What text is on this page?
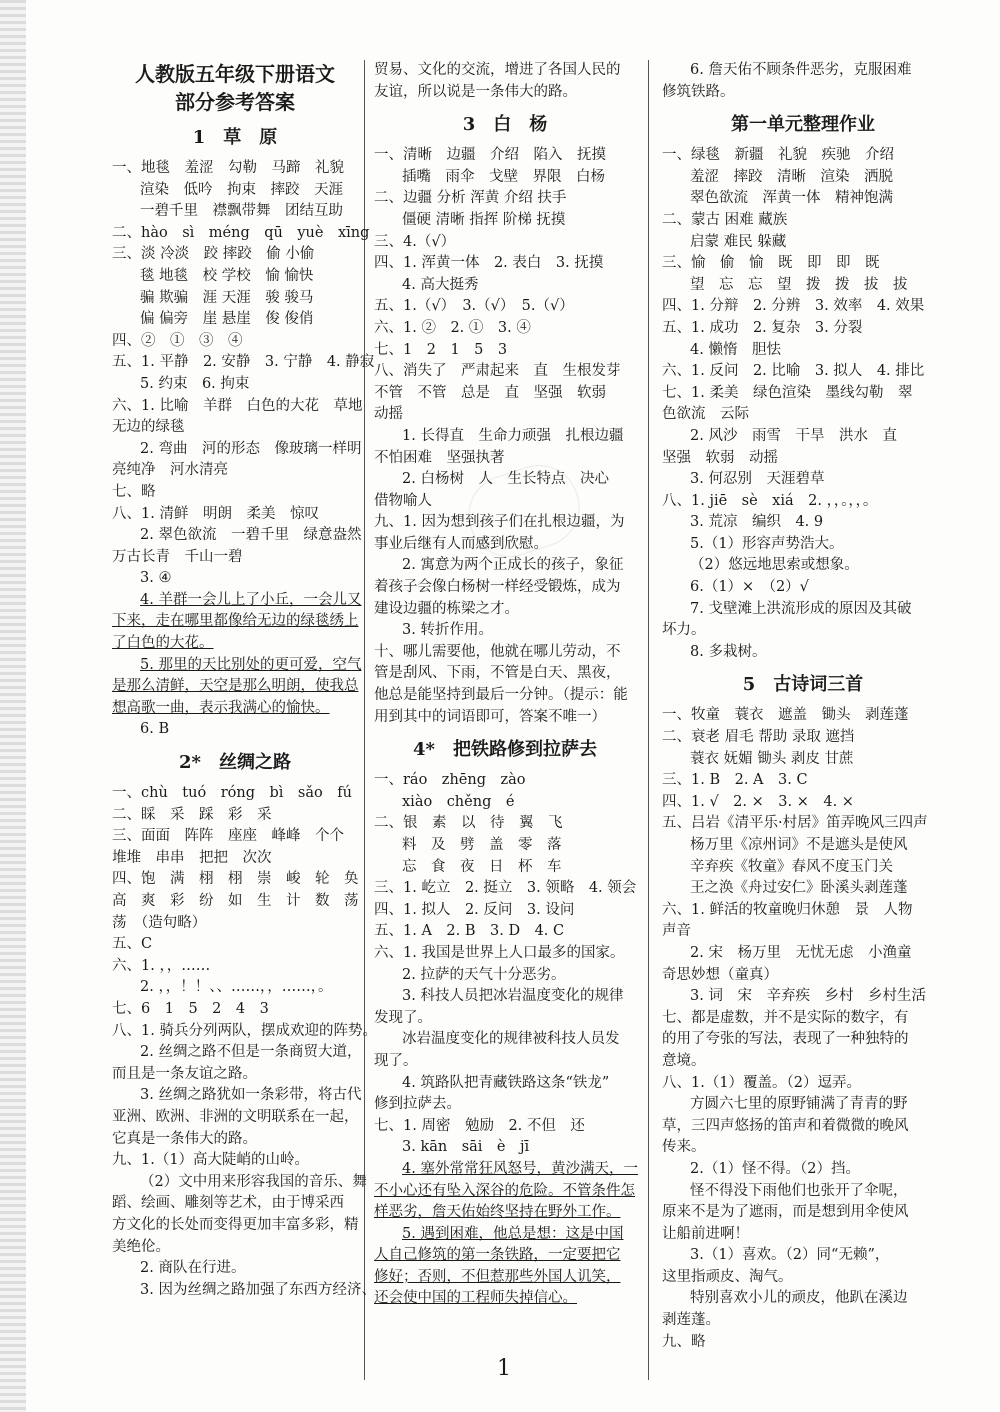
人教版五年级下册语文
部分参考答案
1　草　原
一、地毯　羞涩　勾勒　马蹄　礼貌
渲染　低吟　拘束　摔跤　天涯
一碧千里　襟飘带舞　团结互助
二、hào　sì　méng　qū　yuè　xīng
三、淡 冷淡　跤 摔跤　偷 小偷
毯 地毯　校 学校　愉 愉快
骗 欺骗　涯 天涯　骏 骏马
偏 偏旁　崖 悬崖　俊 俊俏
四、②　①　③　④
五、1. 平静　2. 安静　3. 宁静　4. 静寂
5. 约束　6. 拘束
六、1. 比喻　羊群　白色的大花　草地
无边的绿毯
2. 弯曲　河的形态　像玻璃一样明
亮纯净　河水清亮
七、略
八、1. 清鲜　明朗　柔美　惊叹
2. 翠色欲流　一碧千里　绿意盎然
万古长青　千山一碧
3. ④
4. 羊群一会儿上了小丘，一会儿又
下来，走在哪里都像给无边的绿毯绣上
了白色的大花。
5. 那里的天比别处的更可爱，空气
是那么清鲜，天空是那么明朗，使我总
想高歌一曲，表示我满心的愉快。
6. B
2*　丝绸之路
一、chù　tuó　róng　bì　sǎo　fú
二、睬　采　踩　彩　采
三、面面　阵阵　座座　峰峰　个个
堆堆　串串　把把　次次
四、饱　满　栩　栩　崇　峻　轮　奂
高　爽　彩　纷　如　生　计　数　荡
荡　（造句略）
五、C
六、1. ，，……
2. ，，！！、、……，，……，。
七、6　1　5　2　4　3
八、1. 骑兵分列两队，摆成欢迎的阵势。
2. 丝绸之路不但是一条商贸大道，
而且是一条友谊之路。
3. 丝绸之路犹如一条彩带，将古代
亚洲、欧洲、非洲的文明联系在一起，
它真是一条伟大的路。
九、1.（1）高大陡峭的山岭。
（2）文中用来形容我国的音乐、舞
蹈、绘画、雕刻等艺术，由于博采西
方文化的长处而变得更加丰富多彩，精
美绝伦。
2. 商队在行进。
3. 因为丝绸之路加强了东西方经济、
贸易、文化的交流，增进了各国人民的
友谊，所以说是一条伟大的路。
3　白　杨
一、清晰　边疆　介绍　陷入　抚摸
插嘴　雨伞　戈壁　界限　白杨
二、边疆 分析 浑黄 介绍 扶手
僵硬 清晰 指挥 阶梯 抚摸
三、4.（√）
四、1. 浑黄一体　2. 表白　3. 抚摸
4. 高大挺秀
五、1.（√）　3.（√）　5.（√）
六、1. ②　2. ①　3. ④
七、1　2　1　5　3
八、消失了　严肃起来　直　生根发芽
不管　不管　总是　直　坚强　软弱
动摇
1. 长得直　生命力顽强　扎根边疆
不怕困难　坚强执著
2. 白杨树　人　生长特点　决心
借物喻人
九、1. 因为想到孩子们在扎根边疆，为
事业后继有人而感到欣慰。
2. 寓意为两个正成长的孩子，象征
着孩子会像白杨树一样经受锻炼，成为
建设边疆的栋梁之才。
3. 转折作用。
十、哪儿需要他，他就在哪儿劳动，不
管是刮风、下雨，不管是白天、黑夜，
他总是能坚持到最后一分钟。（提示：能
用到其中的词语即可，答案不唯一）
4*　把铁路修到拉萨去
一、ráo　zhēng　zào
xiào　chěng　é
二、银　素　以　待　翼　飞
料　及　劈　盖　零　落
忘　食　夜　日　杯　车
三、1. 屹立　2. 挺立　3. 领略　4. 领会
四、1. 拟人　2. 反问　3. 设问
五、1. A　2. B　3. D　4. C
六、1. 我国是世界上人口最多的国家。
2. 拉萨的天气十分恶劣。
3. 科技人员把冰岩温度变化的规律
发现了。
冰岩温度变化的规律被科技人员发
现了。
4. 筑路队把青藏铁路这条“铁龙”
修到拉萨去。
七、1. 周密　勉励　2. 不但　还
3. kān　sāi　è　jī
4. 塞外常常狂风怒号，黄沙满天，一
不小心还有坠入深谷的危险。不管条件怎
样恶劣，詹天佑始终坚持在野外工作。
5. 遇到困难，他总是想：这是中国
人自己修筑的第一条铁路，一定要把它
修好；否则，不但惹那些外国人讥笑，
还会使中国的工程师失掉信心。
6. 詹天佑不顾条件恶劣，克服困难
修筑铁路。
第一单元整理作业
一、绿毯　新疆　礼貌　疾驰　介绍
羞涩　摔跤　清晰　渲染　洒脱
翠色欲流　浑黄一体　精神饱满
二、蒙古 困难 藏族
启蒙 难民 躲藏
三、愉　偷　愉　既　即　即　既
望　忘　忘　望　拨　拨　拔　拔
四、1. 分辩　2. 分辨　3. 效率　4. 效果
五、1. 成功　2. 复杂　3. 分裂
4. 懒惰　胆怯
六、1. 反问　2. 比喻　3. 拟人　4. 排比
七、1. 柔美　绿色渲染　墨线勾勒　翠
色欲流　云际
2. 风沙　雨雪　干旱　洪水　直
坚强　软弱　动摇
3. 何忍别　天涯碧草
八、1. jiē　sè　xiá　2. ，，。，，。
3. 荒凉　编织　4. 9
5.（1）形容声势浩大。
（2）悠远地思索或想象。
6.（1）×　（2）√
7. 戈壁滩上洪流形成的原因及其破
坏力。
8. 多栽树。
5　古诗词三首
一、牧童　蓑衣　遮盖　锄头　剥莲蓬
二、衰老 眉毛 帮助 录取 遮挡
蓑衣 妩媚 锄头 剥皮 甘蔗
三、1. B　2. A　3. C
四、1. √　2. ×　3. ×　4. ×
五、吕岩《清平乐·村居》笛弄晚风三四声
杨万里《凉州词》不是遮头是使风
辛弃疾《牧童》春风不度玉门关
王之涣《舟过安仁》卧溪头剥莲蓬
六、1. 鲜活的牧童晚归休憩　景　人物
声音
2. 宋　杨万里　无忧无虑　小渔童
奇思妙想（童真）
3. 词　宋　辛弃疾　乡村　乡村生活
七、都是虚数，并不是实际的数字，有
的用了夸张的写法，表现了一种独特的
意境。
八、1.（1）覆盖。（2）逗弄。
方圆六七里的原野铺满了青青的野
草，三四声悠扬的笛声和着微微的晚风
传来。
2.（1）怪不得。（2）挡。
怪不得没下雨他们也张开了伞呢，
原来不是为了遮雨，而是想到用伞使风
让船前进啊！
3.（1）喜欢。（2）同“无赖”，
这里指顽皮、淘气。
特别喜欢小儿的顽皮，他趴在溪边
剥莲蓬。
九、略
1
